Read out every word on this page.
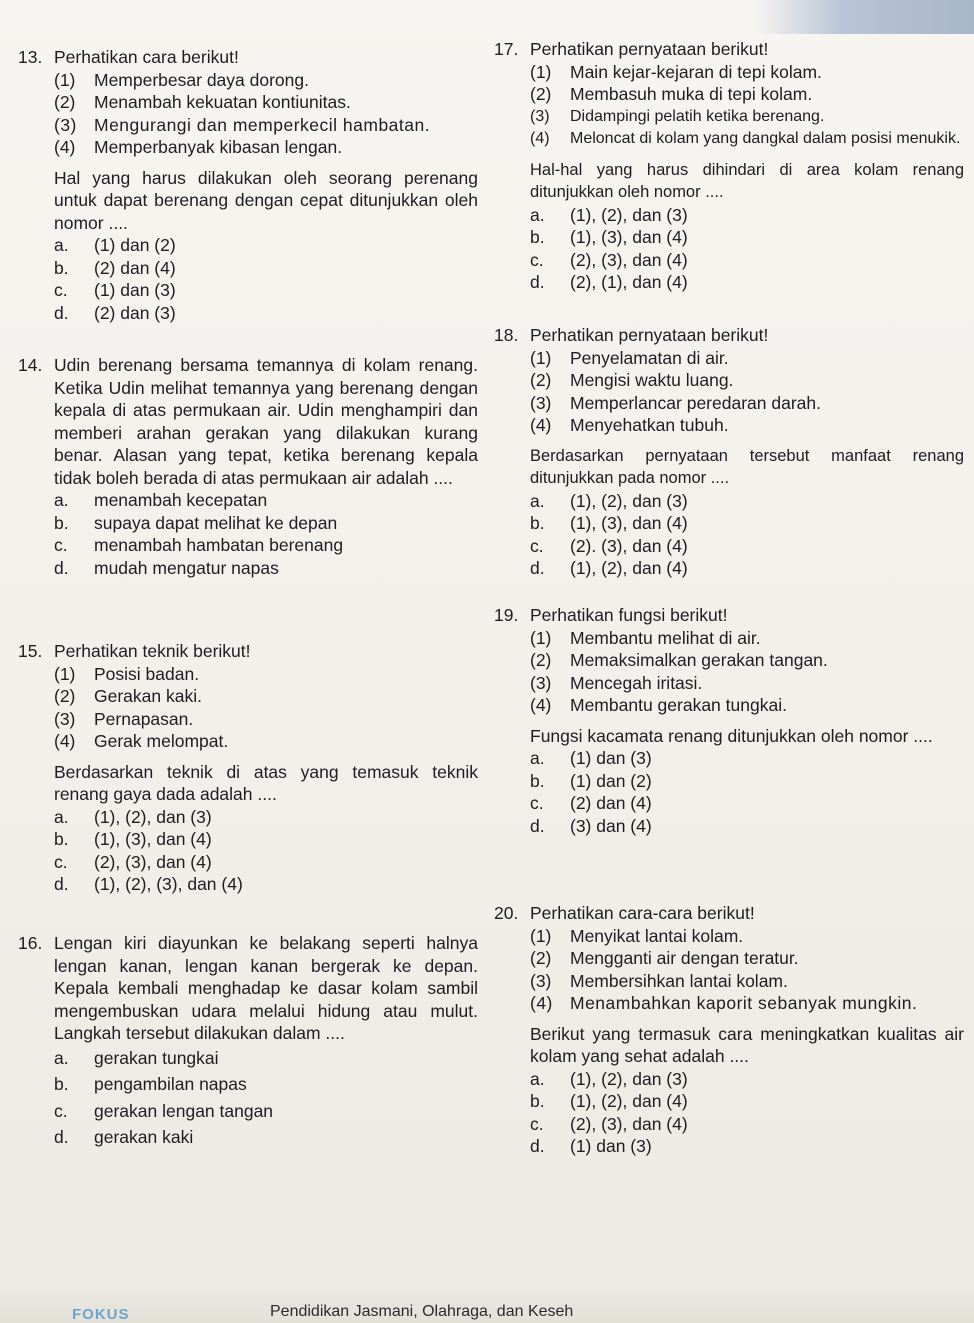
13. Perhatikan cara berikut!
(1)	Memperbesar daya dorong.
(2)	Menambah kekuatan kontiunitas.
(3) Mengurangi dan memperkecil hambatan.
(4)	Memperbanyak kibasan lengan.
Hal yang harus dilakukan oleh seorang perenang untuk dapat berenang dengan cepat ditunjukkan oleh nomor ....
a.	(1) dan (2)
b.	(2) dan (4)
c.	(1) dan (3)
d.	(2) dan (3)
14. Udin berenang bersama temannya di kolam renang. Ketika Udin melihat temannya yang berenang dengan kepala di atas permukaan air. Udin menghampiri dan memberi arahan gerakan yang dilakukan kurang benar. Alasan yang tepat, ketika berenang kepala tidak boleh berada di atas permukaan air adalah ....
a.	menambah kecepatan
b.	supaya dapat melihat ke depan
c.	menambah hambatan berenang
d.	mudah mengatur napas
15. Perhatikan teknik berikut!
(1)	Posisi badan.
(2)	Gerakan kaki.
(3)	Pernapasan.
(4)	Gerak melompat.
Berdasarkan teknik di atas yang temasuk teknik renang gaya dada adalah ....
a.	(1), (2), dan (3)
b.	(1), (3), dan (4)
c.	(2), (3), dan (4)
d.	(1), (2), (3), dan (4)
16. Lengan kiri diayunkan ke belakang seperti halnya lengan kanan, lengan kanan bergerak ke depan. Kepala kembali menghadap ke dasar kolam sambil mengembuskan udara melalui hidung atau mulut. Langkah tersebut dilakukan dalam ....
a.	gerakan tungkai
b.	pengambilan napas
c.	gerakan lengan tangan
d.	gerakan kaki
17. Perhatikan pernyataan berikut!
(1)	Main kejar-kejaran di tepi kolam.
(2)	Membasuh muka di tepi kolam.
(3)	Didampingi pelatih ketika berenang.
(4)	Meloncat di kolam yang dangkal dalam posisi menukik.
Hal-hal yang harus dihindari di area kolam renang ditunjukkan oleh nomor ....
a.	(1), (2), dan (3)
b.	(1), (3), dan (4)
c.	(2), (3), dan (4)
d.	(2), (1), dan (4)
18. Perhatikan pernyataan berikut!
(1)	Penyelamatan di air.
(2)	Mengisi waktu luang.
(3)	Memperlancar peredaran darah.
(4)	Menyehatkan tubuh.
Berdasarkan pernyataan tersebut manfaat renang ditunjukkan pada nomor ....
a.	(1), (2), dan (3)
b.	(1), (3), dan (4)
c.	(2). (3), dan (4)
d.	(1), (2), dan (4)
19. Perhatikan fungsi berikut!
(1)	Membantu melihat di air.
(2)	Memaksimalkan gerakan tangan.
(3)	Mencegah iritasi.
(4)	Membantu gerakan tungkai.
Fungsi kacamata renang ditunjukkan oleh nomor ....
a.	(1) dan (3)
b.	(1) dan (2)
c.	(2) dan (4)
d.	(3) dan (4)
20. Perhatikan cara-cara berikut!
(1)	Menyikat lantai kolam.
(2)	Mengganti air dengan teratur.
(3)	Membersihkan lantai kolam.
(4) Menambahkan kaporit sebanyak mungkin.
Berikut yang termasuk cara meningkatkan kualitas air kolam yang sehat adalah ....
a.	(1), (2), dan (3)
b.	(1), (2), dan (4)
c.	(2), (3), dan (4)
d.	(1) dan (3)
FOKUS	Pendidikan Jasmani, Olahraga, dan Keseh
